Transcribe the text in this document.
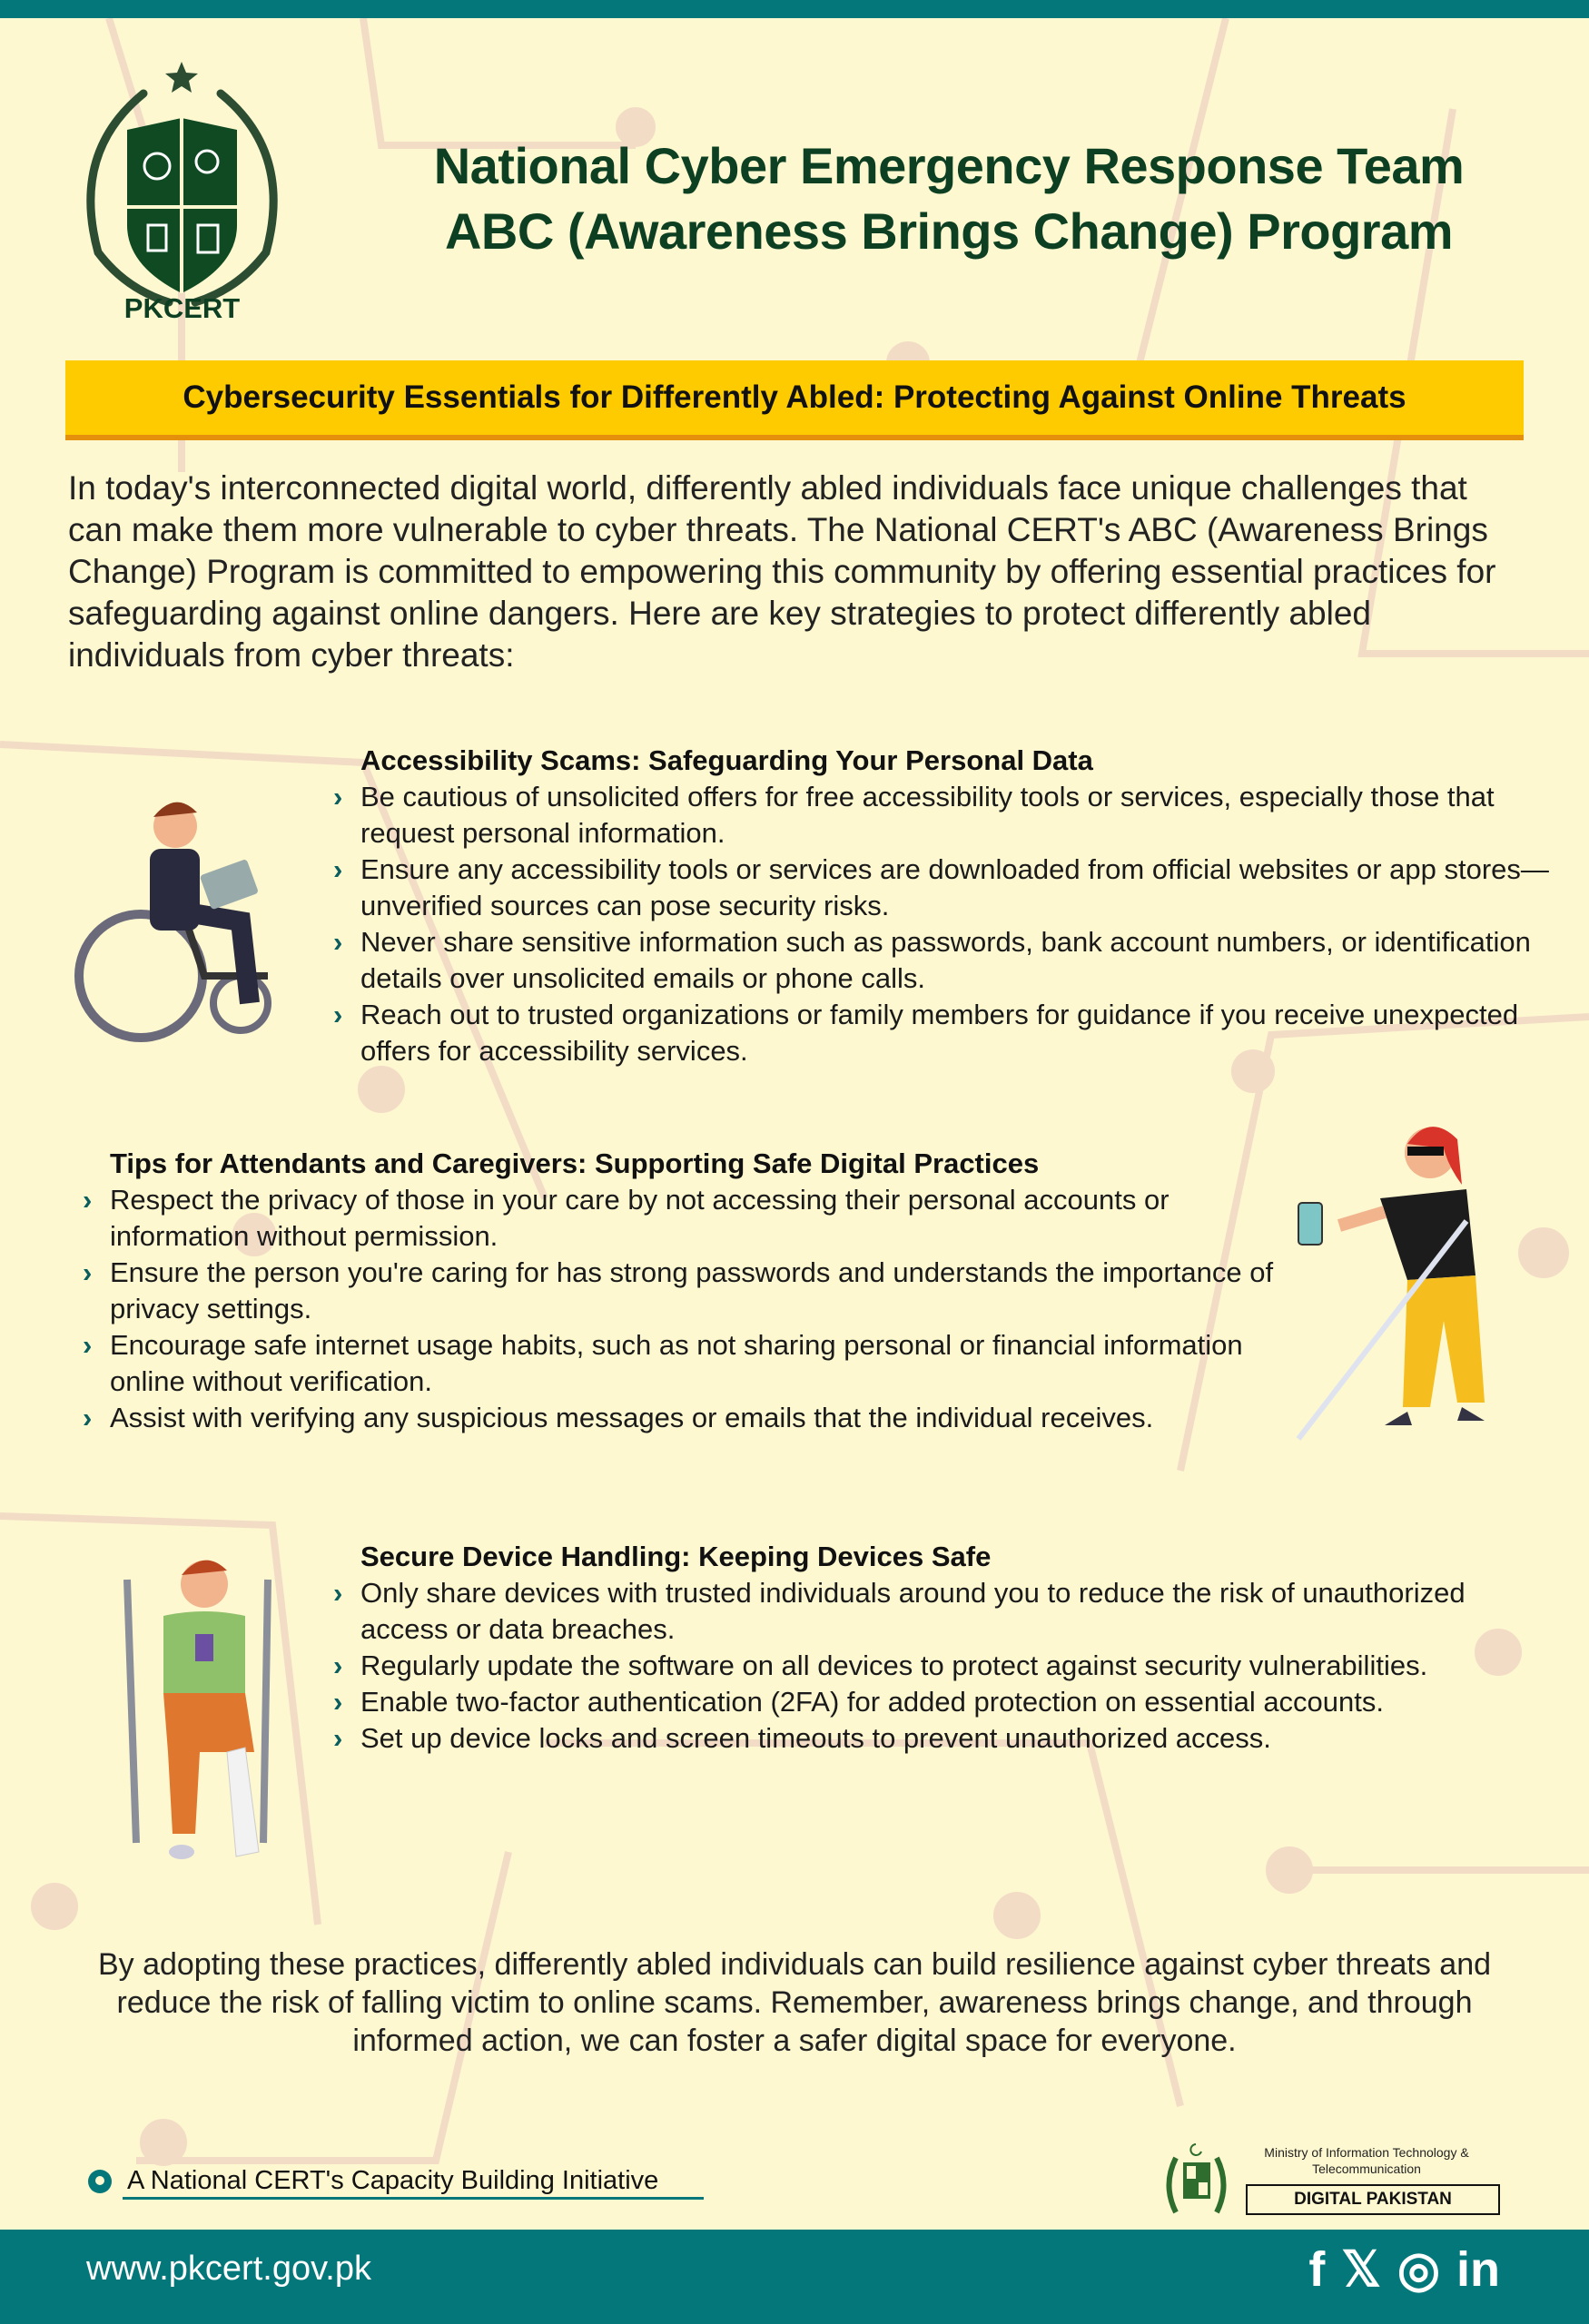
PKCERT
National Cyber Emergency Response Team
ABC (Awareness Brings Change) Program
Cybersecurity Essentials for Differently Abled: Protecting Against Online Threats

In today's interconnected digital world, differently abled individuals face unique challenges that can make them more vulnerable to cyber threats. The National CERT's ABC (Awareness Brings Change) Program is committed to empowering this community by offering essential practices for safeguarding against online dangers. Here are key strategies to protect differently abled individuals from cyber threats:

Accessibility Scams: Safeguarding Your Personal Data
› Be cautious of unsolicited offers for free accessibility tools or services, especially those that request personal information.
› Ensure any accessibility tools or services are downloaded from official websites or app stores—unverified sources can pose security risks.
› Never share sensitive information such as passwords, bank account numbers, or identification details over unsolicited emails or phone calls.
› Reach out to trusted organizations or family members for guidance if you receive unexpected offers for accessibility services.
Tips for Attendants and Caregivers: Supporting Safe Digital Practices
› Respect the privacy of those in your care by not accessing their personal accounts or information without permission.
› Ensure the person you're caring for has strong passwords and understands the importance of privacy settings.
› Encourage safe internet usage habits, such as not sharing personal or financial information online without verification.
› Assist with verifying any suspicious messages or emails that the individual receives.
Secure Device Handling: Keeping Devices Safe
› Only share devices with trusted individuals around you to reduce the risk of unauthorized access or data breaches.
› Regularly update the software on all devices to protect against security vulnerabilities.
› Enable two-factor authentication (2FA) for added protection on essential accounts.
› Set up device locks and screen timeouts to prevent unauthorized access.

By adopting these practices, differently abled individuals can build resilience against cyber threats and reduce the risk of falling victim to online scams. Remember, awareness brings change, and through informed action, we can foster a safer digital space for everyone.

A National CERT's Capacity Building Initiative
Ministry of Information Technology & Telecommunication
DIGITAL PAKISTAN
www.pkcert.gov.pk	f 𝕏 ◎ in
